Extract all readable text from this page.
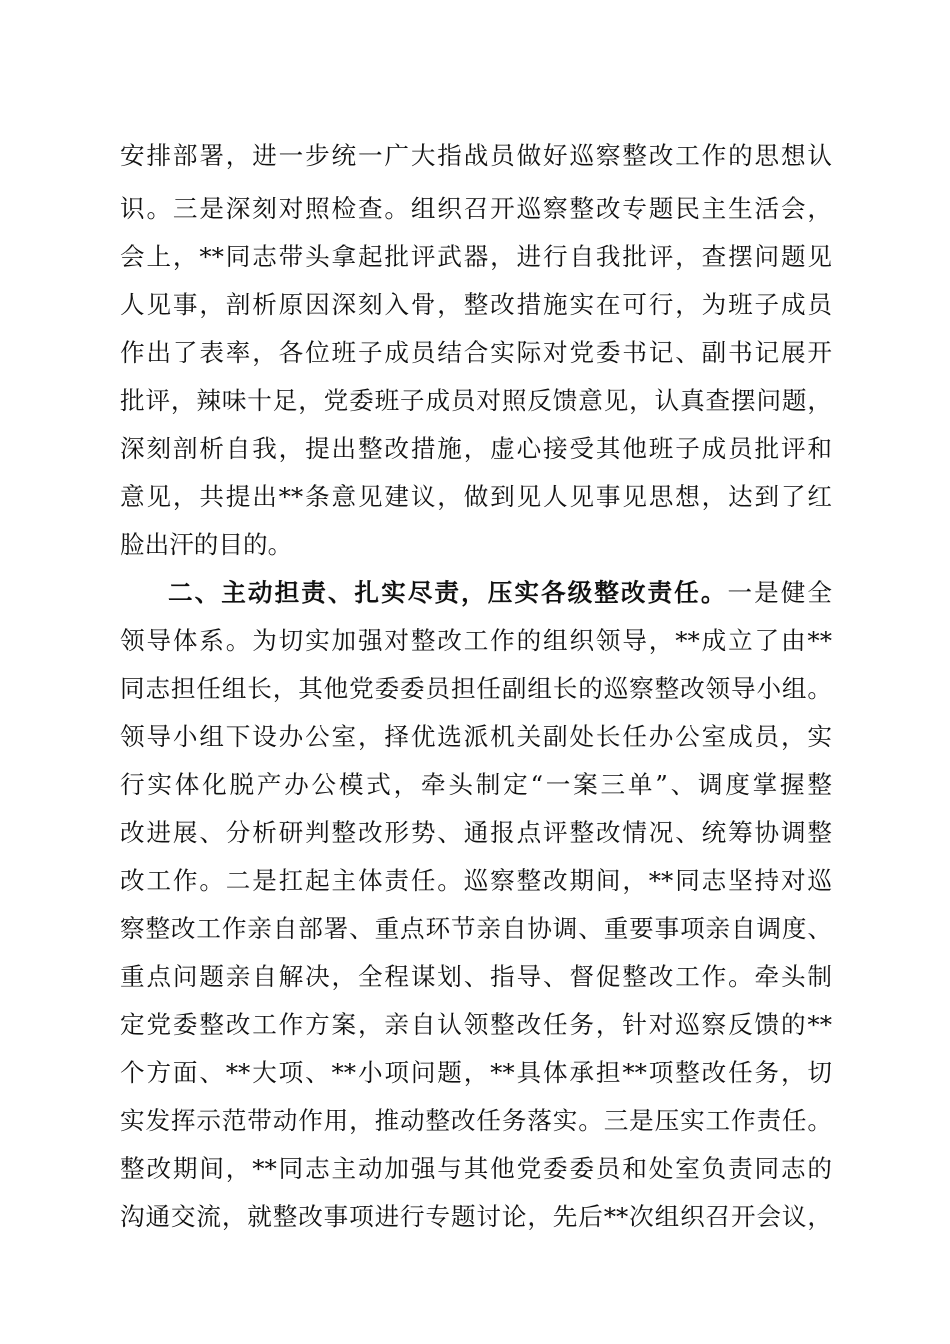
安排部署，进一步统一广大指战员做好巡察整改工作的思想认
识。三是深刻对照检查。组织召开巡察整改专题民主生活会，
会上，**同志带头拿起批评武器，进行自我批评，查摆问题见
人见事，剖析原因深刻入骨，整改措施实在可行，为班子成员
作出了表率，各位班子成员结合实际对党委书记、副书记展开
批评，辣味十足，党委班子成员对照反馈意见，认真查摆问题，
深刻剖析自我，提出整改措施，虚心接受其他班子成员批评和
意见，共提出**条意见建议，做到见人见事见思想，达到了红
脸出汗的目的。
二、主动担责、扎实尽责，压实各级整改责任。一是健全
领导体系。为切实加强对整改工作的组织领导，**成立了由**
同志担任组长，其他党委委员担任副组长的巡察整改领导小组。
领导小组下设办公室，择优选派机关副处长任办公室成员，实
行实体化脱产办公模式，牵头制定“一案三单”、调度掌握整
改进展、分析研判整改形势、通报点评整改情况、统筹协调整
改工作。二是扛起主体责任。巡察整改期间，**同志坚持对巡
察整改工作亲自部署、重点环节亲自协调、重要事项亲自调度、
重点问题亲自解决，全程谋划、指导、督促整改工作。牵头制
定党委整改工作方案，亲自认领整改任务，针对巡察反馈的**
个方面、**大项、**小项问题，**具体承担**项整改任务，切
实发挥示范带动作用，推动整改任务落实。三是压实工作责任。
整改期间，**同志主动加强与其他党委委员和处室负责同志的
沟通交流，就整改事项进行专题讨论，先后**次组织召开会议，
